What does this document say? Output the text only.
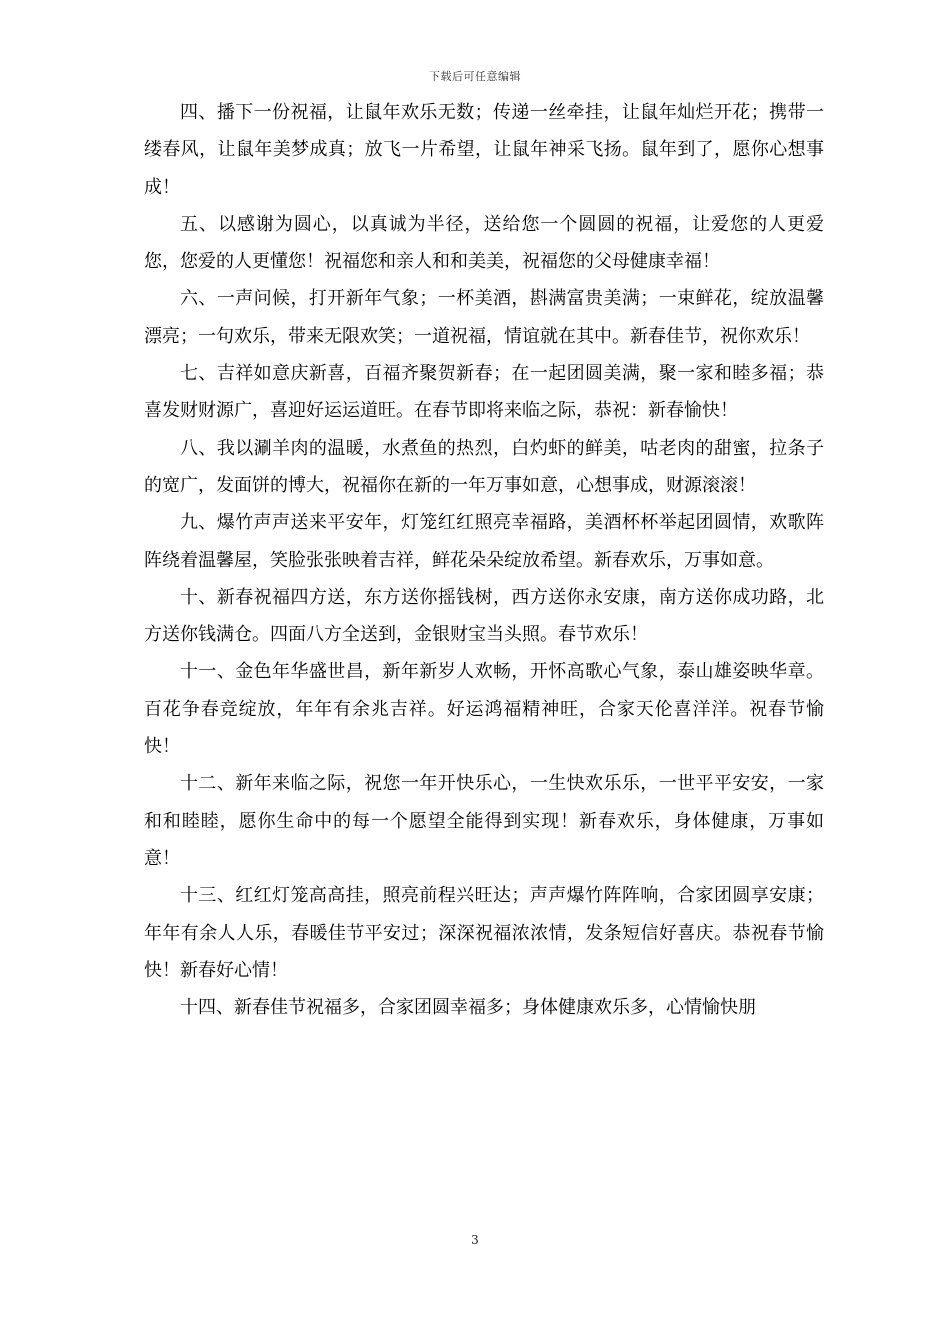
下载后可任意编辑

四、播下一份祝福，让鼠年欢乐无数；传递一丝牵挂，让鼠年灿烂开花；携带一缕春风，让鼠年美梦成真；放飞一片希望，让鼠年神采飞扬。鼠年到了，愿你心想事成！

五、以感谢为圆心，以真诚为半径，送给您一个圆圆的祝福，让爱您的人更爱您，您爱的人更懂您！祝福您和亲人和和美美，祝福您的父母健康幸福！

六、一声问候，打开新年气象；一杯美酒，斟满富贵美满；一束鲜花，绽放温馨漂亮；一句欢乐，带来无限欢笑；一道祝福，情谊就在其中。新春佳节，祝你欢乐！

七、吉祥如意庆新喜，百福齐聚贺新春；在一起团圆美满，聚一家和睦多福；恭喜发财财源广，喜迎好运运道旺。在春节即将来临之际，恭祝：新春愉快！

八、我以涮羊肉的温暖，水煮鱼的热烈，白灼虾的鲜美，咕老肉的甜蜜，拉条子的宽广，发面饼的博大，祝福你在新的一年万事如意，心想事成，财源滚滚！

九、爆竹声声送来平安年，灯笼红红照亮幸福路，美酒杯杯举起团圆情，欢歌阵阵绕着温馨屋，笑脸张张映着吉祥，鲜花朵朵绽放希望。新春欢乐，万事如意。

十、新春祝福四方送，东方送你摇钱树，西方送你永安康，南方送你成功路，北方送你钱满仓。四面八方全送到，金银财宝当头照。春节欢乐！

十一、金色年华盛世昌，新年新岁人欢畅，开怀高歌心气象，泰山雄姿映华章。百花争春竞绽放，年年有余兆吉祥。好运鸿福精神旺，合家天伦喜洋洋。祝春节愉快！

十二、新年来临之际，祝您一年开快乐心，一生快欢乐乐，一世平平安安，一家和和睦睦，愿你生命中的每一个愿望全能得到实现！新春欢乐，身体健康，万事如意！

十三、红红灯笼高高挂，照亮前程兴旺达；声声爆竹阵阵响，合家团圆享安康；年年有余人人乐，春暖佳节平安过；深深祝福浓浓情，发条短信好喜庆。恭祝春节愉快！新春好心情！

十四、新春佳节祝福多，合家团圆幸福多；身体健康欢乐多，心情愉快朋

3
